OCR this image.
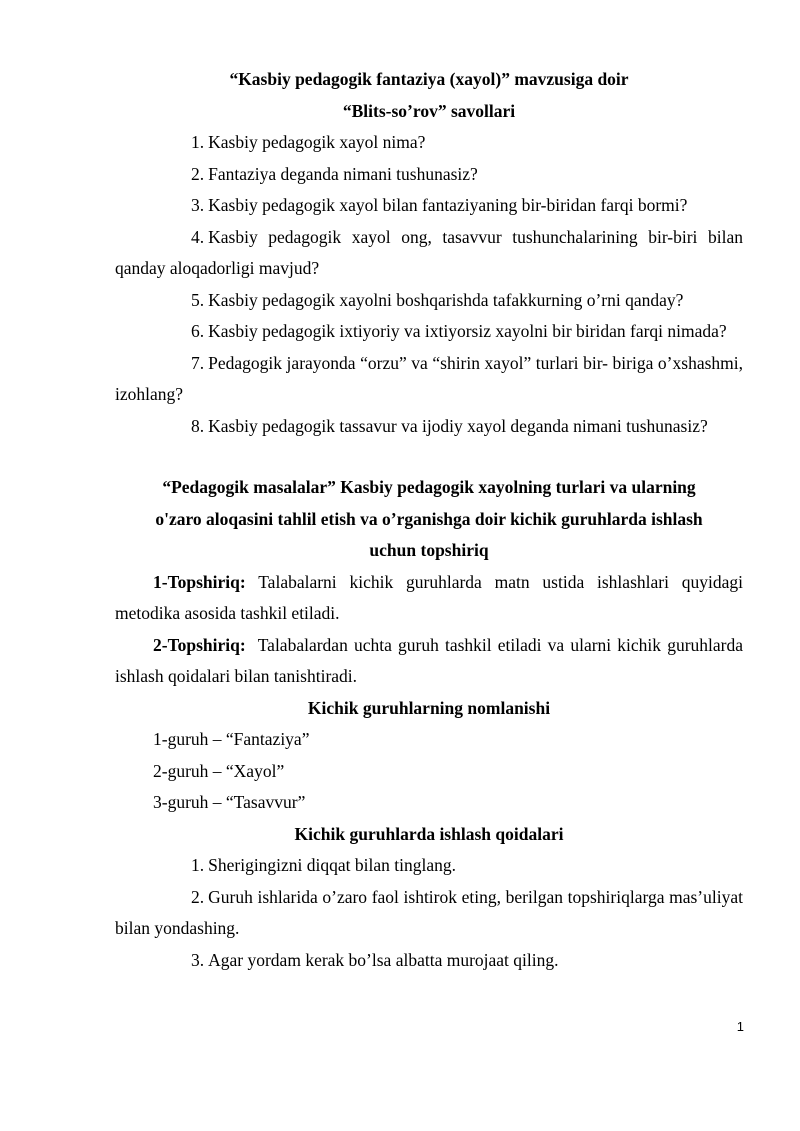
“Kasbiy pedagogik fantaziya (xayol)” mavzusiga doir

“Blits-so’rov” savollari

1. Kasbiy pedagogik xayol nima?

2. Fantaziya deganda nimani tushunasiz?

3. Kasbiy pedagogik xayol bilan fantaziyaning bir-biridan farqi bormi?

4. Kasbiy pedagogik xayol ong, tasavvur tushunchalarining bir-biri bilan qanday aloqadorligi mavjud?

5. Kasbiy pedagogik xayolni boshqarishda tafakkurning o’rni qanday?

6. Kasbiy pedagogik ixtiyoriy va ixtiyorsiz xayolni bir biridan farqi nimada?

7. Pedagogik jarayonda “orzu” va “shirin xayol” turlari bir- biriga o’xshashmi, izohlang?

8. Kasbiy pedagogik tassavur va ijodiy xayol deganda nimani tushunasiz?

“Pedagogik masalalar” Kasbiy pedagogik xayolning turlari va ularning

o'zaro aloqasini tahlil etish va o’rganishga doir kichik guruhlarda ishlash

uchun topshiriq

1-Topshiriq: Talabalarni kichik guruhlarda matn ustida ishlashlari quyidagi metodika asosida tashkil etiladi.

2-Topshiriq:  Talabalardan uchta guruh tashkil etiladi va ularni kichik guruhlarda ishlash qoidalari bilan tanishtiradi.

Kichik guruhlarning nomlanishi

1-guruh – “Fantaziya”

2-guruh – “Xayol”

3-guruh – “Tasavvur”

Kichik guruhlarda ishlash qoidalari

1. Sherigingizni diqqat bilan tinglang.

2. Guruh ishlarida o’zaro faol ishtirok eting, berilgan topshiriqlarga mas’uliyat bilan yondashing.

3. Agar yordam kerak bo’lsa albatta murojaat qiling.

1
